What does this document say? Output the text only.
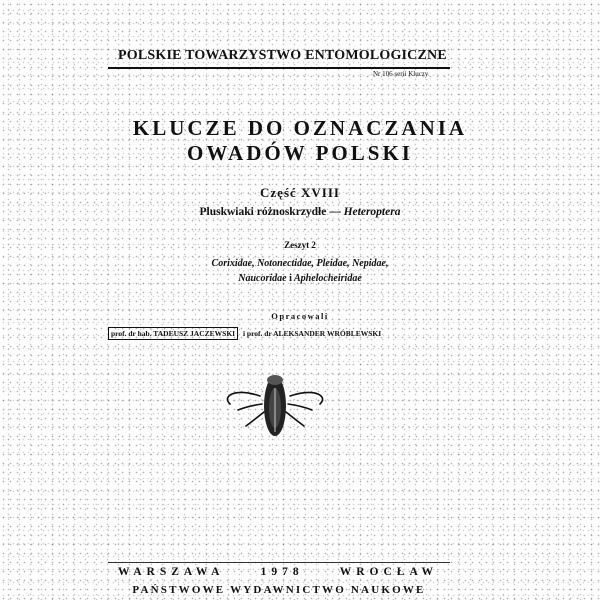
POLSKIE TOWARZYSTWO ENTOMOLOGICZNE
Nr 106 serii Kluczy
KLUCZE DO OZNACZANIA
OWADÓW POLSKI
Część XVIII
Pluskwiaki różnoskrzydłe — Heteroptera
Zeszyt 2
Corixidae, Notonectidae, Pleidae, Nepidae,
Naucoridae i Aphelocheiridae
Opracowali
prof. dr hab. TADEUSZ JACZEWSKI i prof. dr ALEKSANDER WRÓBLEWSKI
WARSZAWA	1978	WROCŁAW
PAŃSTWOWE WYDAWNICTWO NAUKOWE
